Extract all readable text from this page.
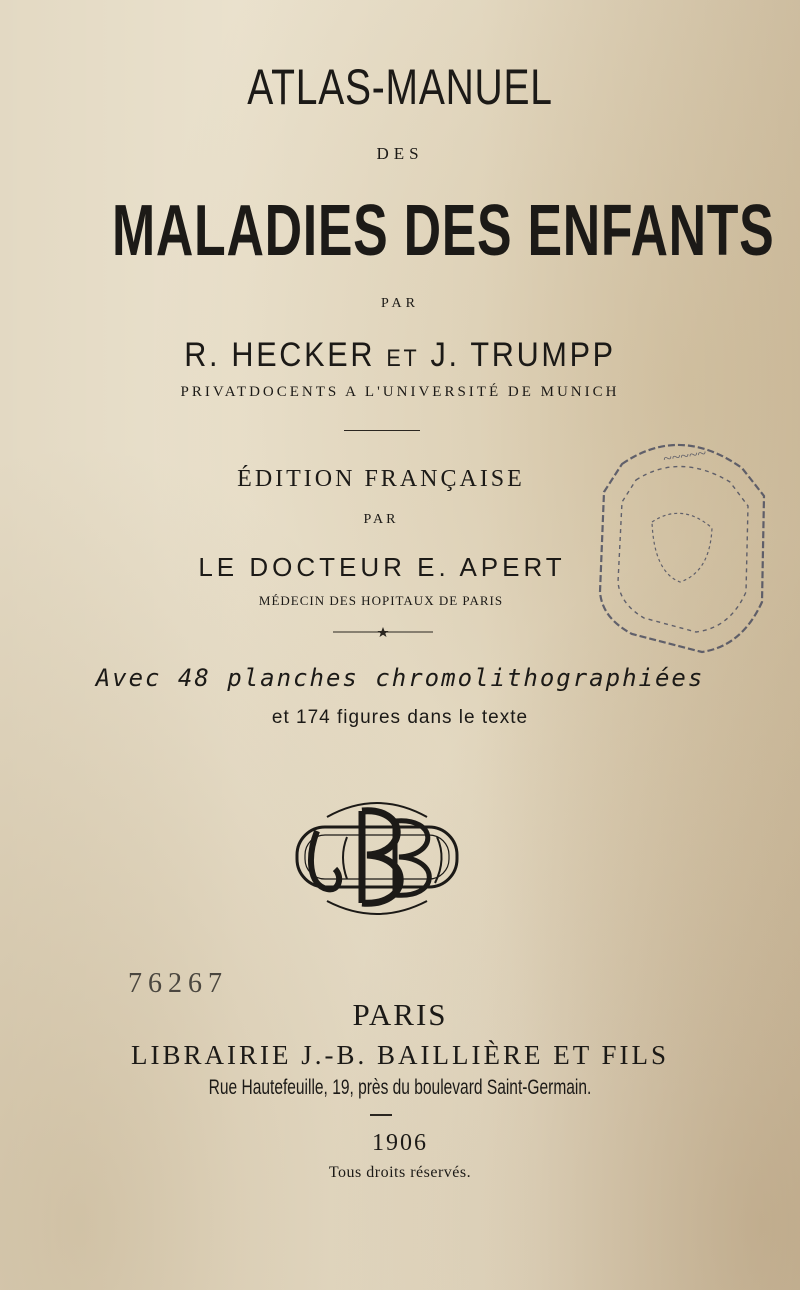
ATLAS-MANUEL

DES

MALADIES DES ENFANTS

PAR

R. HECKER ET J. TRUMPP

PRIVATDOCENTS A L'UNIVERSITÉ DE MUNICH

ÉDITION FRANÇAISE

PAR

LE DOCTEUR E. APERT

MÉDECIN DES HOPITAUX DE PARIS

Avec 48 planches chromolithographiées

et 174 figures dans le texte

76267

PARIS

LIBRAIRIE J.-B. BAILLIÈRE ET FILS

Rue Hautefeuille, 19, près du boulevard Saint-Germain.

1906

Tous droits réservés.

~~~~~
